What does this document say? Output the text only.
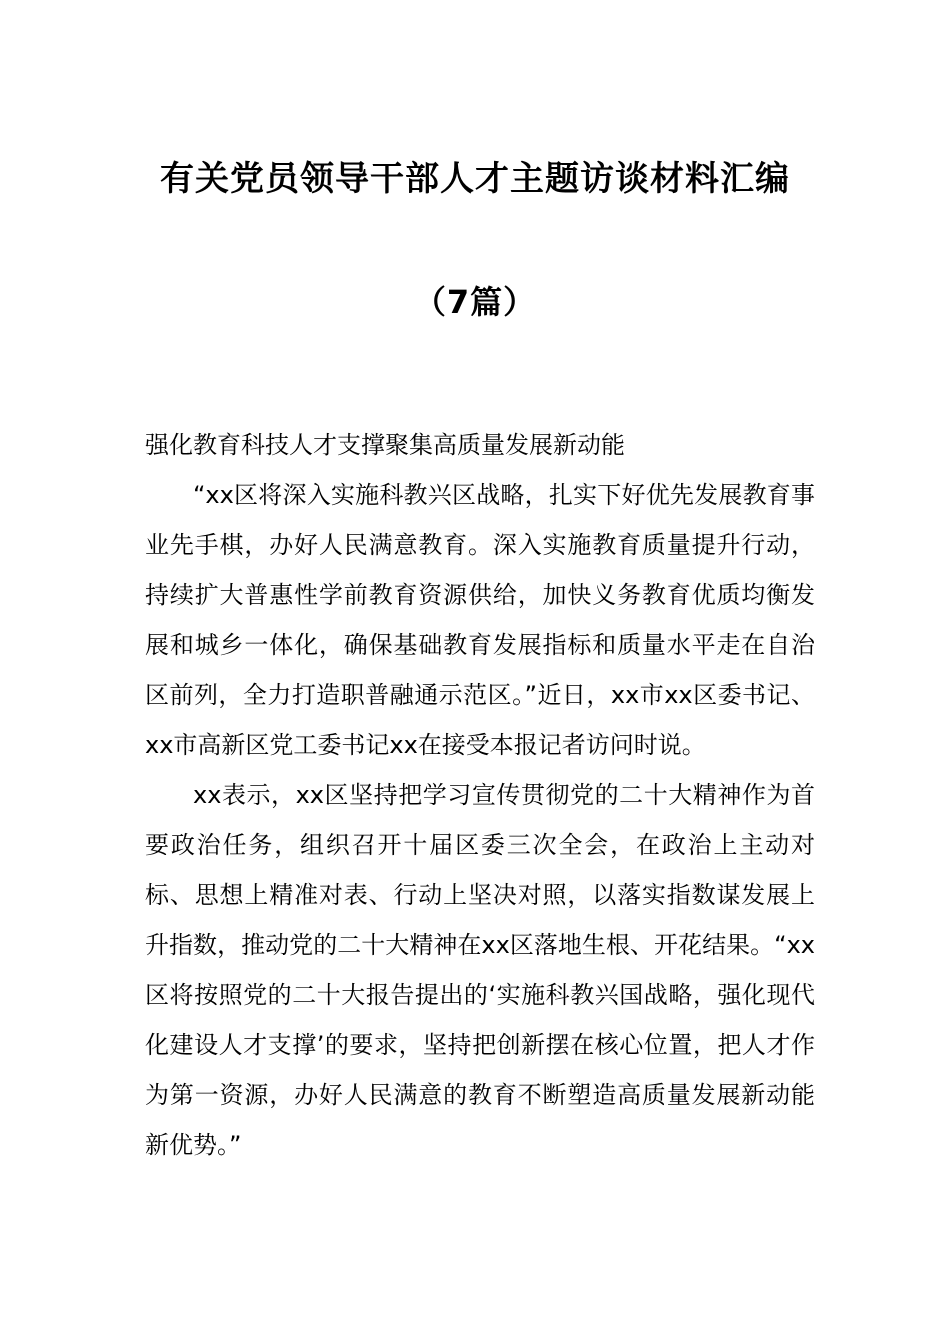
有关党员领导干部人才主题访谈材料汇编
（7篇）

强化教育科技人才支撑聚集高质量发展新动能

“xx区将深入实施科教兴区战略，扎实下好优先发展教育事业先手棋，办好人民满意教育。深入实施教育质量提升行动，持续扩大普惠性学前教育资源供给，加快义务教育优质均衡发展和城乡一体化，确保基础教育发展指标和质量水平走在自治区前列，全力打造职普融通示范区。”近日，xx市xx区委书记、xx市高新区党工委书记xx在接受本报记者访问时说。

xx表示，xx区坚持把学习宣传贯彻党的二十大精神作为首要政治任务，组织召开十届区委三次全会，在政治上主动对标、思想上精准对表、行动上坚决对照，以落实指数谋发展上升指数，推动党的二十大精神在xx区落地生根、开花结果。“xx区将按照党的二十大报告提出的‘实施科教兴国战略，强化现代化建设人才支撑’的要求，坚持把创新摆在核心位置，把人才作为第一资源，办好人民满意的教育不断塑造高质量发展新动能新优势。”
